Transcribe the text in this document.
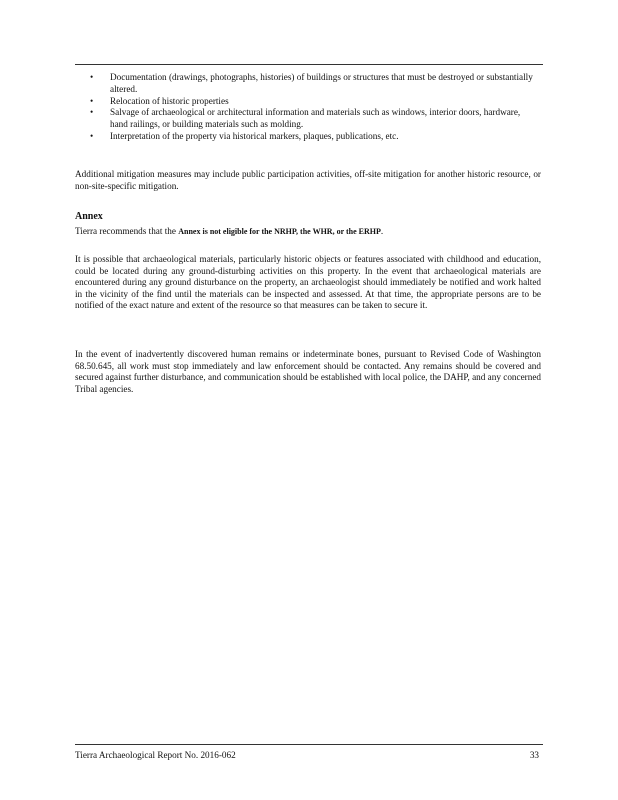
• Documentation (drawings, photographs, histories) of buildings or structures that must be destroyed or substantially altered.
• Relocation of historic properties
• Salvage of archaeological or architectural information and materials such as windows, interior doors, hardware, hand railings, or building materials such as molding.
• Interpretation of the property via historical markers, plaques, publications, etc.

Additional mitigation measures may include public participation activities, off-site mitigation for another historic resource, or non-site-specific mitigation.

Annex

Tierra recommends that the Annex is not eligible for the NRHP, the WHR, or the ERHP.

It is possible that archaeological materials, particularly historic objects or features associated with childhood and education, could be located during any ground-disturbing activities on this property. In the event that archaeological materials are encountered during any ground disturbance on the property, an archaeologist should immediately be notified and work halted in the vicinity of the find until the materials can be inspected and assessed. At that time, the appropriate persons are to be notified of the exact nature and extent of the resource so that measures can be taken to secure it.

In the event of inadvertently discovered human remains or indeterminate bones, pursuant to Revised Code of Washington 68.50.645, all work must stop immediately and law enforcement should be contacted. Any remains should be covered and secured against further disturbance, and communication should be established with local police, the DAHP, and any concerned Tribal agencies.

Tierra Archaeological Report No. 2016-062	33
